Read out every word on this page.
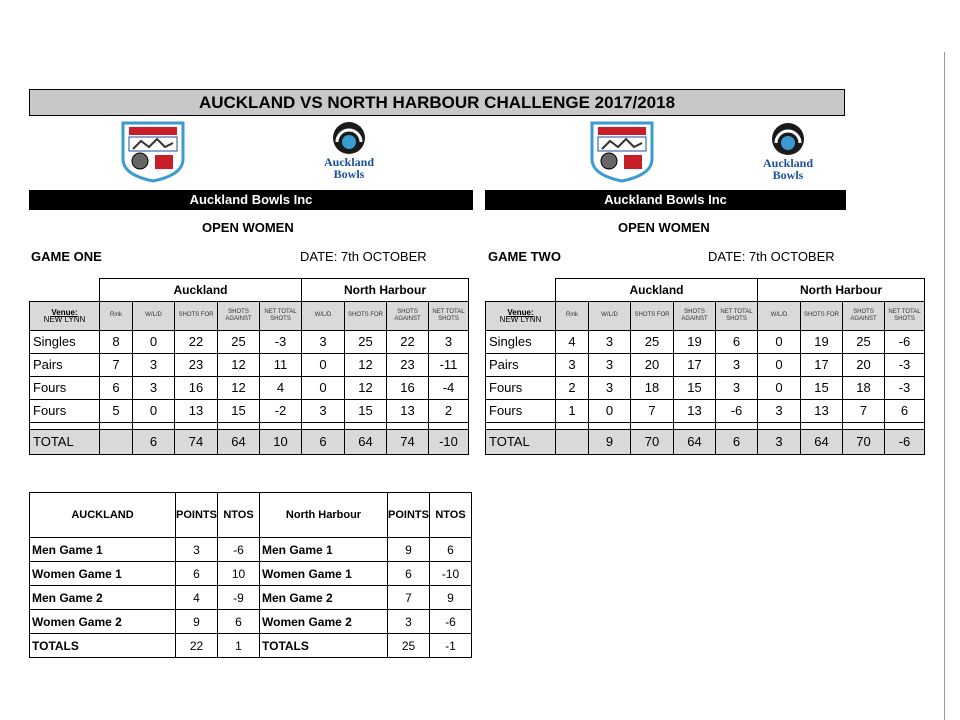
AUCKLAND VS NORTH HARBOUR CHALLENGE 2017/2018
Auckland
Bowls
Auckland
Bowls
Auckland Bowls Inc	Auckland Bowls Inc
OPEN WOMEN	OPEN WOMEN
GAME ONE	DATE: 7th OCTOBER	GAME TWO	DATE: 7th OCTOBER
	Auckland					North Harbour			
Venue:
NEW LYNN	Rink	W/L/D	SHOTS FOR	SHOTS AGAINST	NET TOTAL SHOTS	W/L/D	SHOTS FOR	SHOTS AGAINST	NET TOTAL SHOTS
Singles	8	0	22	25	-3	3	25	22	3
Pairs	7	3	23	12	11	0	12	23	-11
Fours	6	3	16	12	4	0	12	16	-4
Fours	5	0	13	15	-2	3	15	13	2

TOTAL		6	74	64	10	6	64	74	-10
	Auckland					North Harbour			
Venue:
NEW LYNN	Rink	W/L/D	SHOTS FOR	SHOTS AGAINST	NET TOTAL SHOTS	W/L/D	SHOTS FOR	SHOTS AGAINST	NET TOTAL SHOTS
Singles	4	3	25	19	6	0	19	25	-6
Pairs	3	3	20	17	3	0	17	20	-3
Fours	2	3	18	15	3	0	15	18	-3
Fours	1	0	7	13	-6	3	13	7	6

TOTAL		9	70	64	6	3	64	70	-6
AUCKLAND	POINTS	NTOS	North Harbour	POINTS	NTOS
Men Game 1	3	-6	Men Game 1	9	6
Women Game 1	6	10	Women Game 1	6	-10
Men Game 2	4	-9	Men Game 2	7	9
Women Game 2	9	6	Women Game 2	3	-6
TOTALS	22	1	TOTALS	25	-1
